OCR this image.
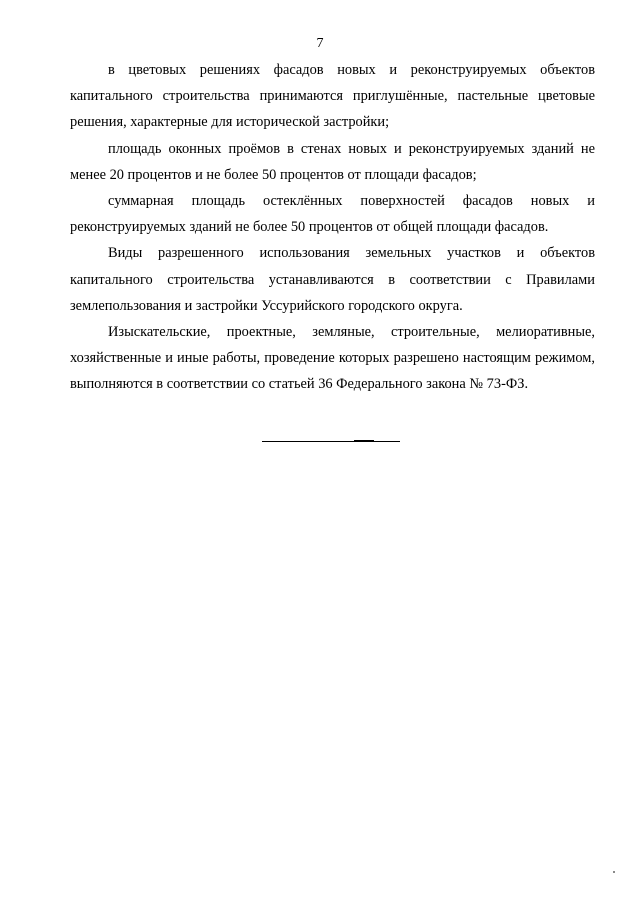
7

в цветовых решениях фасадов новых и реконструируемых объектов капитального строительства принимаются приглушённые, пастельные цветовые решения, характерные для исторической застройки;

площадь оконных проёмов в стенах новых и реконструируемых зданий не менее 20 процентов и не более 50 процентов от площади фасадов;

суммарная площадь остеклённых поверхностей фасадов новых и реконструируемых зданий не более 50 процентов от общей площади фасадов.

Виды разрешенного использования земельных участков и объектов капитального строительства устанавливаются в соответствии с Правилами землепользования и застройки Уссурийского городского округа.

Изыскательские, проектные, земляные, строительные, мелиоративные, хозяйственные и иные работы, проведение которых разрешено настоящим режимом, выполняются в соответствии со статьей 36 Федерального закона № 73-ФЗ.
